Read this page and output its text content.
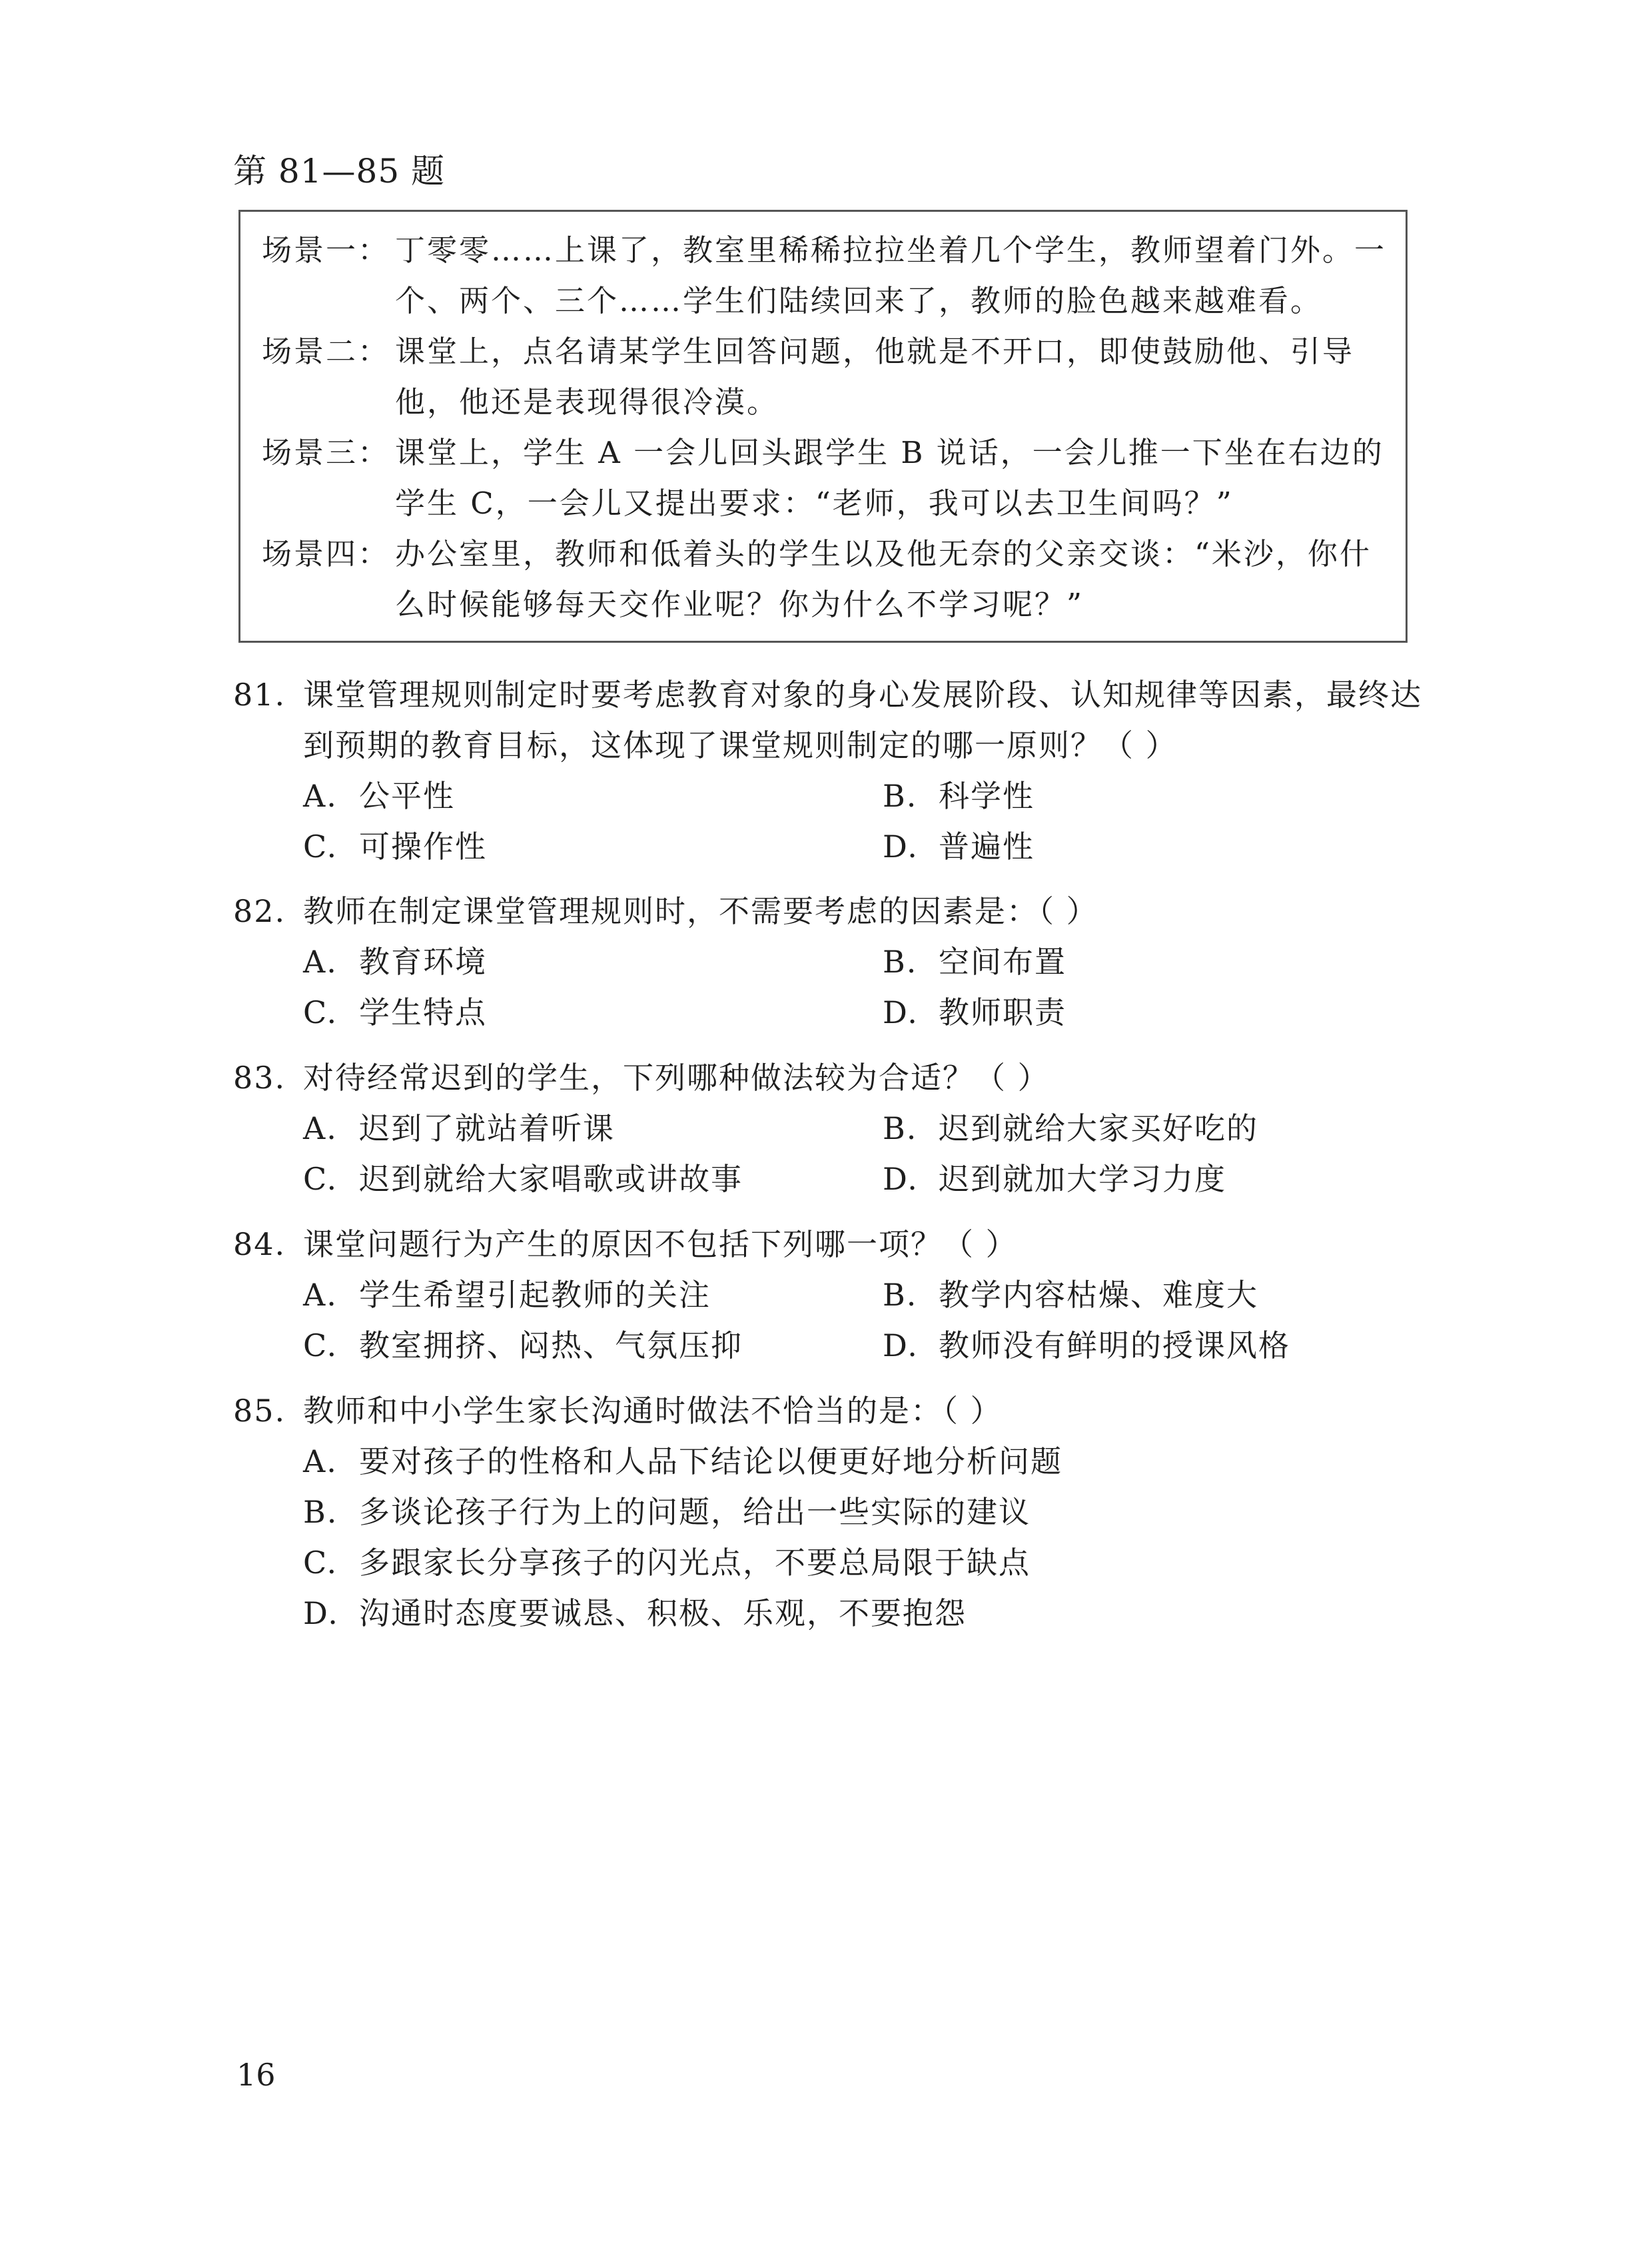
第 81—85 题
场景一： 丁零零……上课了，教室里稀稀拉拉坐着几个学生，教师望着门外。一个、两个、三个……学生们陆续回来了，教师的脸色越来越难看。
场景二： 课堂上，点名请某学生回答问题，他就是不开口，即使鼓励他、引导他，他还是表现得很冷漠。
场景三： 课堂上，学生 A 一会儿回头跟学生 B 说话，一会儿推一下坐在右边的学生 C，一会儿又提出要求：“老师，我可以去卫生间吗？”
场景四： 办公室里，教师和低着头的学生以及他无奈的父亲交谈：“米沙，你什么时候能够每天交作业呢？你为什么不学习呢？”
81. 课堂管理规则制定时要考虑教育对象的身心发展阶段、认知规律等因素，最终达到预期的教育目标，这体现了课堂规则制定的哪一原则？（ ）
A. 公平性	B. 科学性
C. 可操作性	D. 普遍性
82. 教师在制定课堂管理规则时，不需要考虑的因素是：（ ）
A. 教育环境	B. 空间布置
C. 学生特点	D. 教师职责
83. 对待经常迟到的学生，下列哪种做法较为合适？（ ）
A. 迟到了就站着听课	B. 迟到就给大家买好吃的
C. 迟到就给大家唱歌或讲故事	D. 迟到就加大学习力度
84. 课堂问题行为产生的原因不包括下列哪一项？（ ）
A. 学生希望引起教师的关注	B. 教学内容枯燥、难度大
C. 教室拥挤、闷热、气氛压抑	D. 教师没有鲜明的授课风格
85. 教师和中小学生家长沟通时做法不恰当的是：（ ）
A. 要对孩子的性格和人品下结论以便更好地分析问题
B. 多谈论孩子行为上的问题，给出一些实际的建议
C. 多跟家长分享孩子的闪光点，不要总局限于缺点
D. 沟通时态度要诚恳、积极、乐观，不要抱怨
16
